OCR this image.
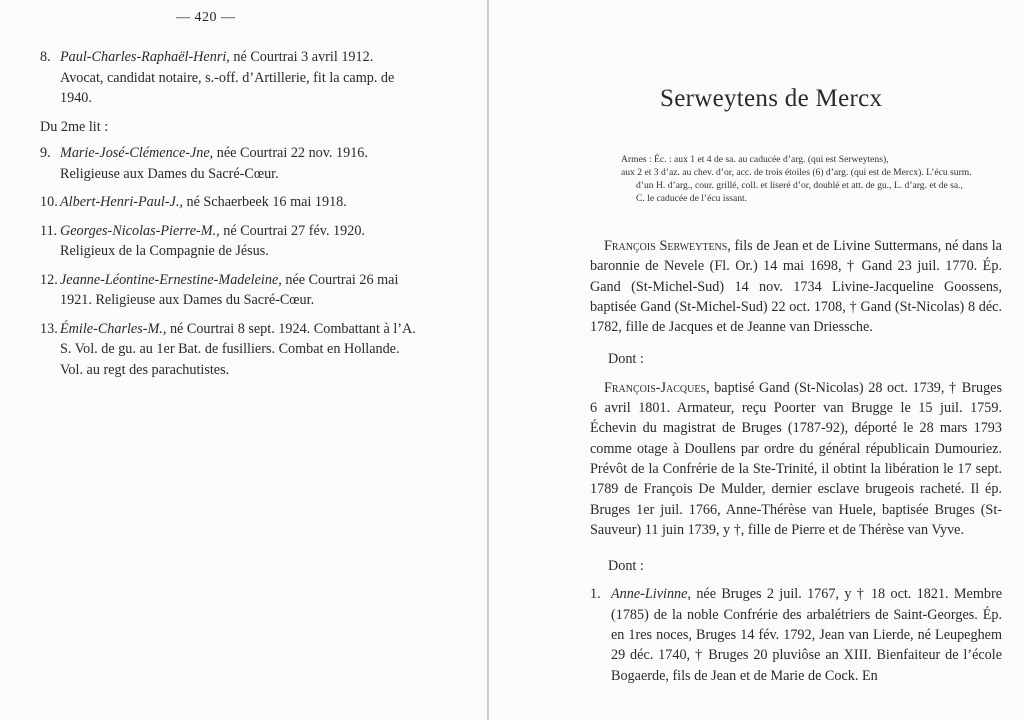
— 420 —

8. Paul-Charles-Raphaël-Henri, né Courtrai 3 avril 1912. Avocat, candidat notaire, s.-off. d’Artillerie, fit la camp. de 1940.

Du 2me lit :

9. Marie-José-Clémence-Jne, née Courtrai 22 nov. 1916. Religieuse aux Dames du Sacré-Cœur.

10. Albert-Henri-Paul-J., né Schaerbeek 16 mai 1918.

11. Georges-Nicolas-Pierre-M., né Courtrai 27 fév. 1920. Religieux de la Compagnie de Jésus.

12. Jeanne-Léontine-Ernestine-Madeleine, née Courtrai 26 mai 1921. Religieuse aux Dames du Sacré-Cœur.

13. Émile-Charles-M., né Courtrai 8 sept. 1924. Combattant à l’A. S. Vol. de gu. au 1er Bat. de fusilliers. Combat en Hollande. Vol. au regt des parachutistes.

Serweytens de Mercx
Armes : Éc. : aux 1 et 4 de sa. au caducée d’arg. (qui est Serweytens),
aux 2 et 3 d’az. au chev. d’or, acc. de trois étoiles (6) d’arg. (qui est de Mercx). L’écu surm. d’un H. d’arg., cour. grillé, coll. et liseré d’or, doublé et att. de gu., L. d’arg. et de sa., C. le caducée de l’écu issant.

François Serweytens, fils de Jean et de Livine Suttermans, né dans la baronnie de Nevele (Fl. Or.) 14 mai 1698, † Gand 23 juil. 1770. Ép. Gand (St-Michel-Sud) 14 nov. 1734 Livine-Jacqueline Goossens, baptisée Gand (St-Michel-Sud) 22 oct. 1708, † Gand (St-Nicolas) 8 déc. 1782, fille de Jacques et de Jeanne van Driessche.

Dont :

François-Jacques, baptisé Gand (St-Nicolas) 28 oct. 1739, † Bruges 6 avril 1801. Armateur, reçu Poorter van Brugge le 15 juil. 1759. Échevin du magistrat de Bruges (1787-92), déporté le 28 mars 1793 comme otage à Doullens par ordre du général républicain Dumouriez. Prévôt de la Confrérie de la Ste-Trinité, il obtint la libération le 17 sept. 1789 de François De Mulder, dernier esclave brugeois racheté. Il ép. Bruges 1er juil. 1766, Anne-Thérèse van Huele, baptisée Bruges (St-Sauveur) 11 juin 1739, y †, fille de Pierre et de Thérèse van Vyve.

Dont :

1. Anne-Livinne, née Bruges 2 juil. 1767, y † 18 oct. 1821. Membre (1785) de la noble Confrérie des arbalétriers de Saint-Georges. Ép. en 1res noces, Bruges 14 fév. 1792, Jean van Lierde, né Leupeghem 29 déc. 1740, † Bruges 20 pluviôse an XIII. Bienfaiteur de l’école Bogaerde, fils de Jean et de Marie de Cock. En
